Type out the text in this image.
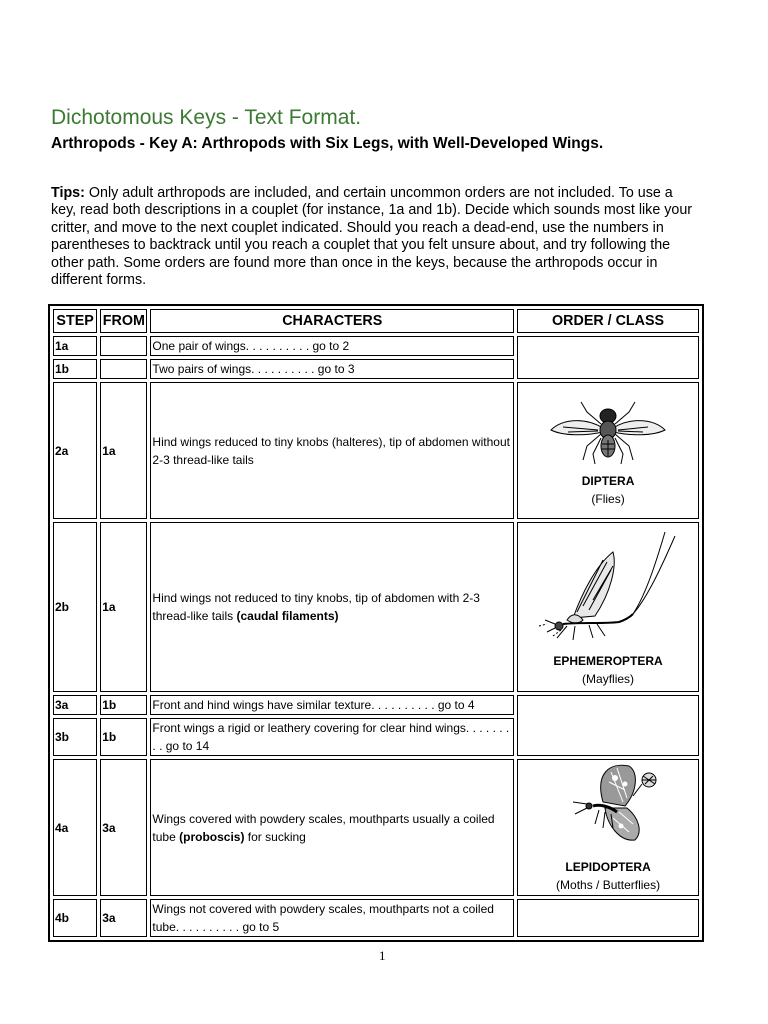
Dichotomous Keys - Text Format.
Arthropods - Key A: Arthropods with Six Legs, with Well-Developed Wings.

Tips: Only adult arthropods are included, and certain uncommon orders are not included. To use a key, read both descriptions in a couplet (for instance, 1a and 1b). Decide which sounds most like your critter, and move to the next couplet indicated. Should you reach a dead-end, use the numbers in parentheses to backtrack until you reach a couplet that you felt unsure about, and try following the other path. Some orders are found more than once in the keys, because the arthropods occur in different forms.

STEP	FROM	CHARACTERS	ORDER / CLASS
1a		One pair of wings. . . . . . . . . . go to 2	
1b		Two pairs of wings. . . . . . . . . . go to 3	
2a	1a	Hind wings reduced to tiny knobs (halteres), tip of abdomen without 2-3 thread-like tails	DIPTERA
(Flies)

2b	1a	Hind wings not reduced to tiny knobs, tip of abdomen with 2-3 thread-like tails (caudal filaments)	EPHEMEROPTERA
(Mayflies)

3a	1b	Front and hind wings have similar texture. . . . . . . . . . go to 4	
3b	1b	Front wings a rigid or leathery covering for clear hind wings. . . . . . . . . go to 14	
4a	3a	Wings covered with powdery scales, mouthparts usually a coiled tube (proboscis) for sucking	LEPIDOPTERA
(Moths / Butterflies)

4b	3a	Wings not covered with powdery scales, mouthparts not a coiled tube. . . . . . . . . . go to 5	
1
